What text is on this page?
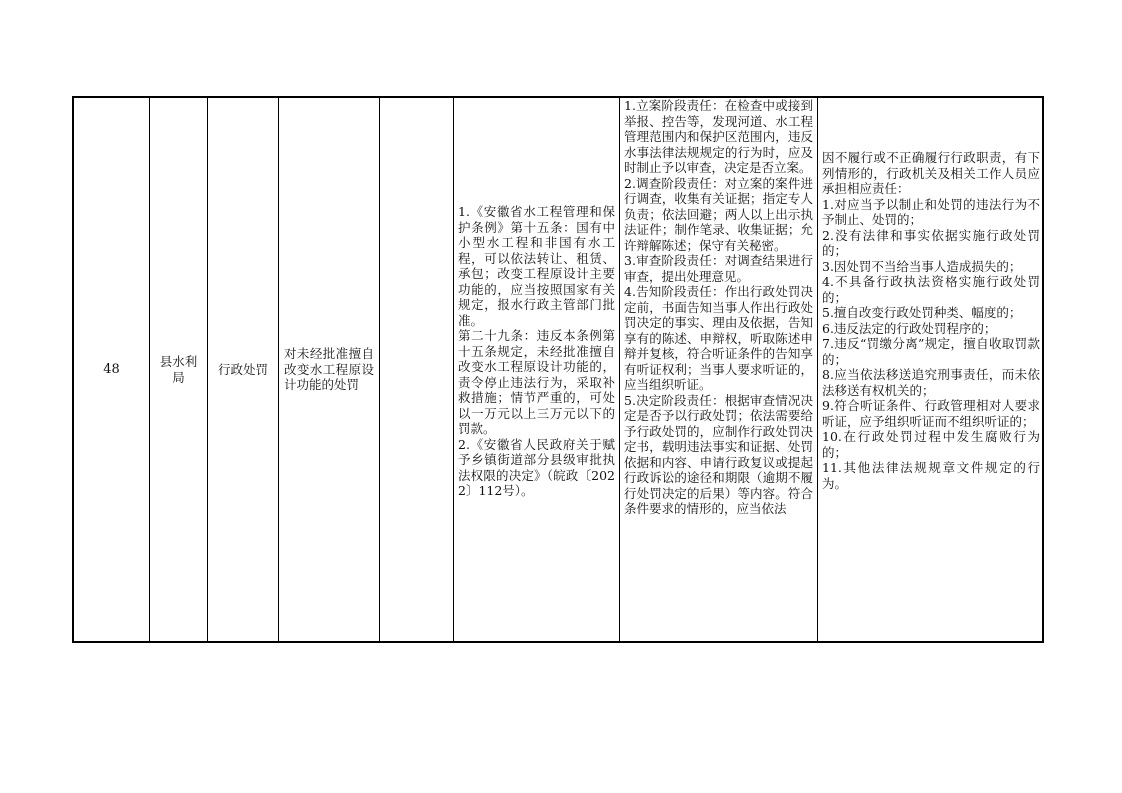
48
县水利局
行政处罚
对未经批准擅自改变水工程原设计功能的处罚
1.《安徽省水工程管理和保护条例》第十五条：国有中小型水工程和非国有水工程，可以依法转让、租赁、承包；改变工程原设计主要功能的，应当按照国家有关规定，报水行政主管部门批准。
第二十九条：违反本条例第十五条规定，未经批准擅自改变水工程原设计功能的，责令停止违法行为，采取补救措施；情节严重的，可处以一万元以上三万元以下的罚款。
2.《安徽省人民政府关于赋予乡镇街道部分县级审批执法权限的决定》（皖政〔2022〕112号）。
1.立案阶段责任：在检查中或接到举报、控告等，发现河道、水工程管理范围内和保护区范围内，违反水事法律法规规定的行为时，应及时制止予以审查，决定是否立案。
2.调查阶段责任：对立案的案件进行调查，收集有关证据；指定专人负责；依法回避；两人以上出示执法证件；制作笔录、收集证据；允许辩解陈述；保守有关秘密。
3.审查阶段责任：对调查结果进行审查，提出处理意见。
4.告知阶段责任：作出行政处罚决定前，书面告知当事人作出行政处罚决定的事实、理由及依据，告知享有的陈述、申辩权，听取陈述申辩并复核，符合听证条件的告知享有听证权利；当事人要求听证的，应当组织听证。
5.决定阶段责任：根据审查情况决定是否予以行政处罚；依法需要给予行政处罚的，应制作行政处罚决定书，载明违法事实和证据、处罚依据和内容、申请行政复议或提起行政诉讼的途径和期限（逾期不履行处罚决定的后果）等内容。符合条件要求的情形的，应当依法
因不履行或不正确履行行政职责，有下列情形的，行政机关及相关工作人员应承担相应责任：
1.对应当予以制止和处罚的违法行为不予制止、处罚的；
2.没有法律和事实依据实施行政处罚的；
3.因处罚不当给当事人造成损失的；
4.不具备行政执法资格实施行政处罚的；
5.擅自改变行政处罚种类、幅度的；
6.违反法定的行政处罚程序的；
7.违反“罚缴分离”规定，擅自收取罚款的；
8.应当依法移送追究刑事责任，而未依法移送有权机关的；
9.符合听证条件、行政管理相对人要求听证，应予组织听证而不组织听证的；
10.在行政处罚过程中发生腐败行为的；
11.其他法律法规规章文件规定的行为。
